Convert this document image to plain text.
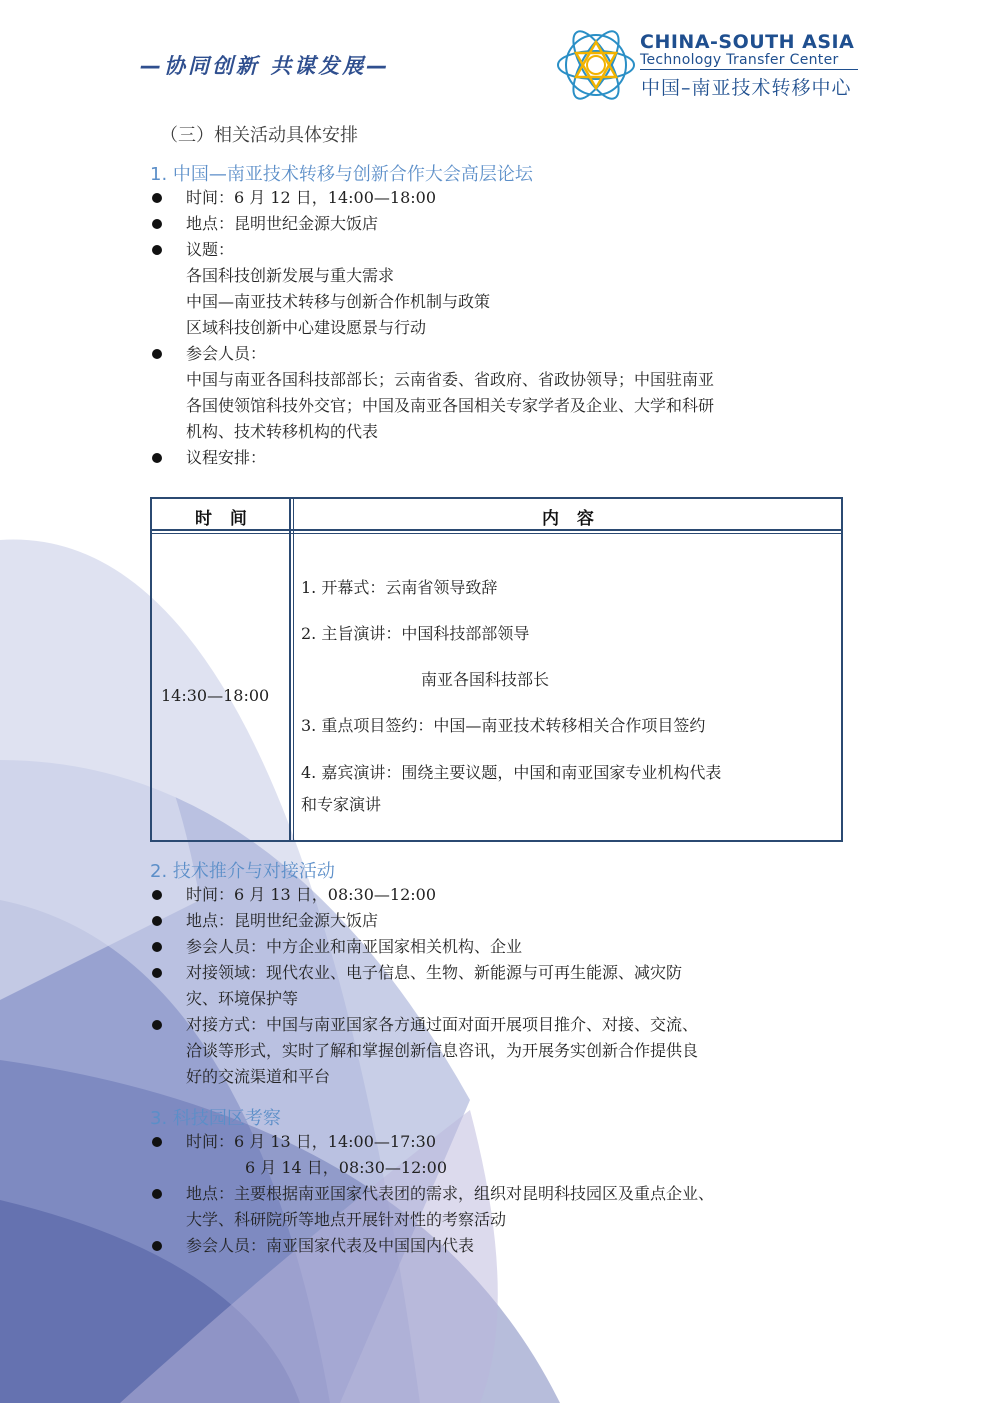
—协同创新 共谋发展—
CHINA-SOUTH ASIA
Technology Transfer Center
中国–南亚技术转移中心
（三）相关活动具体安排
1. 中国—南亚技术转移与创新合作大会高层论坛
时间：6 月 12 日，14:00—18:00
地点：昆明世纪金源大饭店
议题：
各国科技创新发展与重大需求
中国—南亚技术转移与创新合作机制与政策
区域科技创新中心建设愿景与行动
参会人员：
中国与南亚各国科技部部长；云南省委、省政府、省政协领导；中国驻南亚
各国使领馆科技外交官；中国及南亚各国相关专家学者及企业、大学和科研
机构、技术转移机构的代表
议程安排：
时 间	内 容
14:30—18:00
1. 开幕式：云南省领导致辞
2. 主旨演讲：中国科技部部领导
南亚各国科技部长
3. 重点项目签约：中国—南亚技术转移相关合作项目签约
4. 嘉宾演讲：围绕主要议题，中国和南亚国家专业机构代表
和专家演讲
2. 技术推介与对接活动
时间：6 月 13 日，08:30—12:00
地点：昆明世纪金源大饭店
参会人员：中方企业和南亚国家相关机构、企业
对接领域：现代农业、电子信息、生物、新能源与可再生能源、减灾防
灾、环境保护等
对接方式：中国与南亚国家各方通过面对面开展项目推介、对接、交流、
洽谈等形式，实时了解和掌握创新信息咨讯，为开展务实创新合作提供良
好的交流渠道和平台
3. 科技园区考察
时间：6 月 13 日，14:00—17:30
6 月 14 日，08:30—12:00
地点：主要根据南亚国家代表团的需求，组织对昆明科技园区及重点企业、
大学、科研院所等地点开展针对性的考察活动
参会人员：南亚国家代表及中国国内代表
